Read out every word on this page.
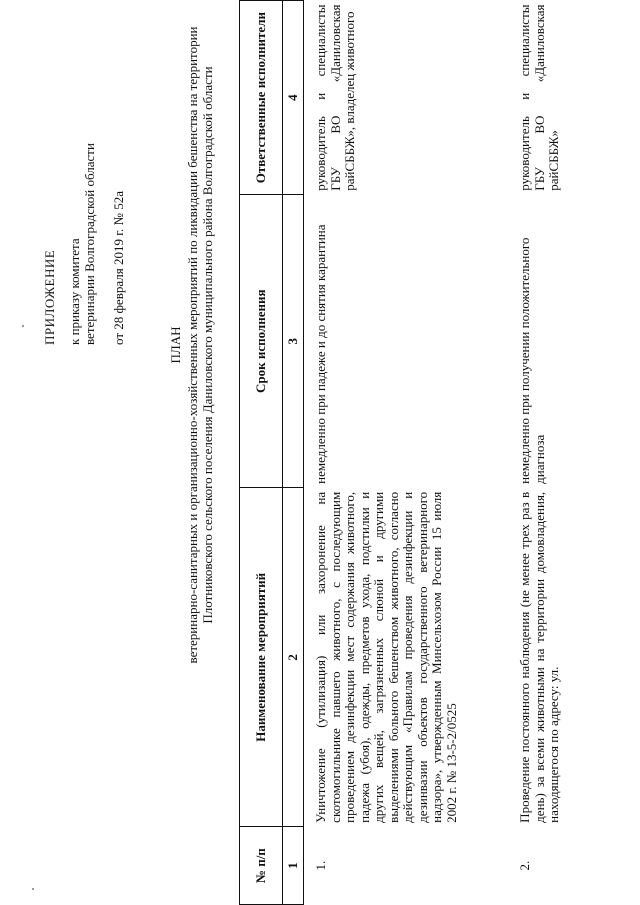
ПРИЛОЖЕНИЕ к приказу комитета ветеринарии Волгоградской области от 28 февраля 2019 г. № 52а
ПЛАН ветеринарно-санитарных и организационно-хозяйственных мероприятий по ликвидации бешенства на территории Плотниковского сельского поселения Даниловского муниципального района Волгоградской области
№ п/п	Наименование мероприятий	Срок исполнения	Ответственные исполнители
1	2	3	4

1.	Уничтожение (утилизация) или захоронение на скотомогильнике павшего животного, с последующим проведением дезинфекции мест содержания животного, падежа (убоя), одежды, предметов ухода, подстилки и других вещей, загрязненных слюной и другими выделениями больного бешенством животного, согласно действующим «Правилам проведения дезинфекции и дезинвазии объектов государственного ветеринарного надзора», утвержденным Минсельхозом России 15 июля 2002 г. № 13-5-2/0525	немедленно при падеже и до снятия карантина	руководитель и специалисты ГБУ ВО «Даниловская райСББЖ», владелец животного
2.	Проведение постоянного наблюдения (не менее трех раз в день) за всеми животными на территории домовладения, находящегося по адресу: ул.	немедленно при получении положительного диагноза	руководитель и специалисты ГБУ ВО «Даниловская райСББЖ»
